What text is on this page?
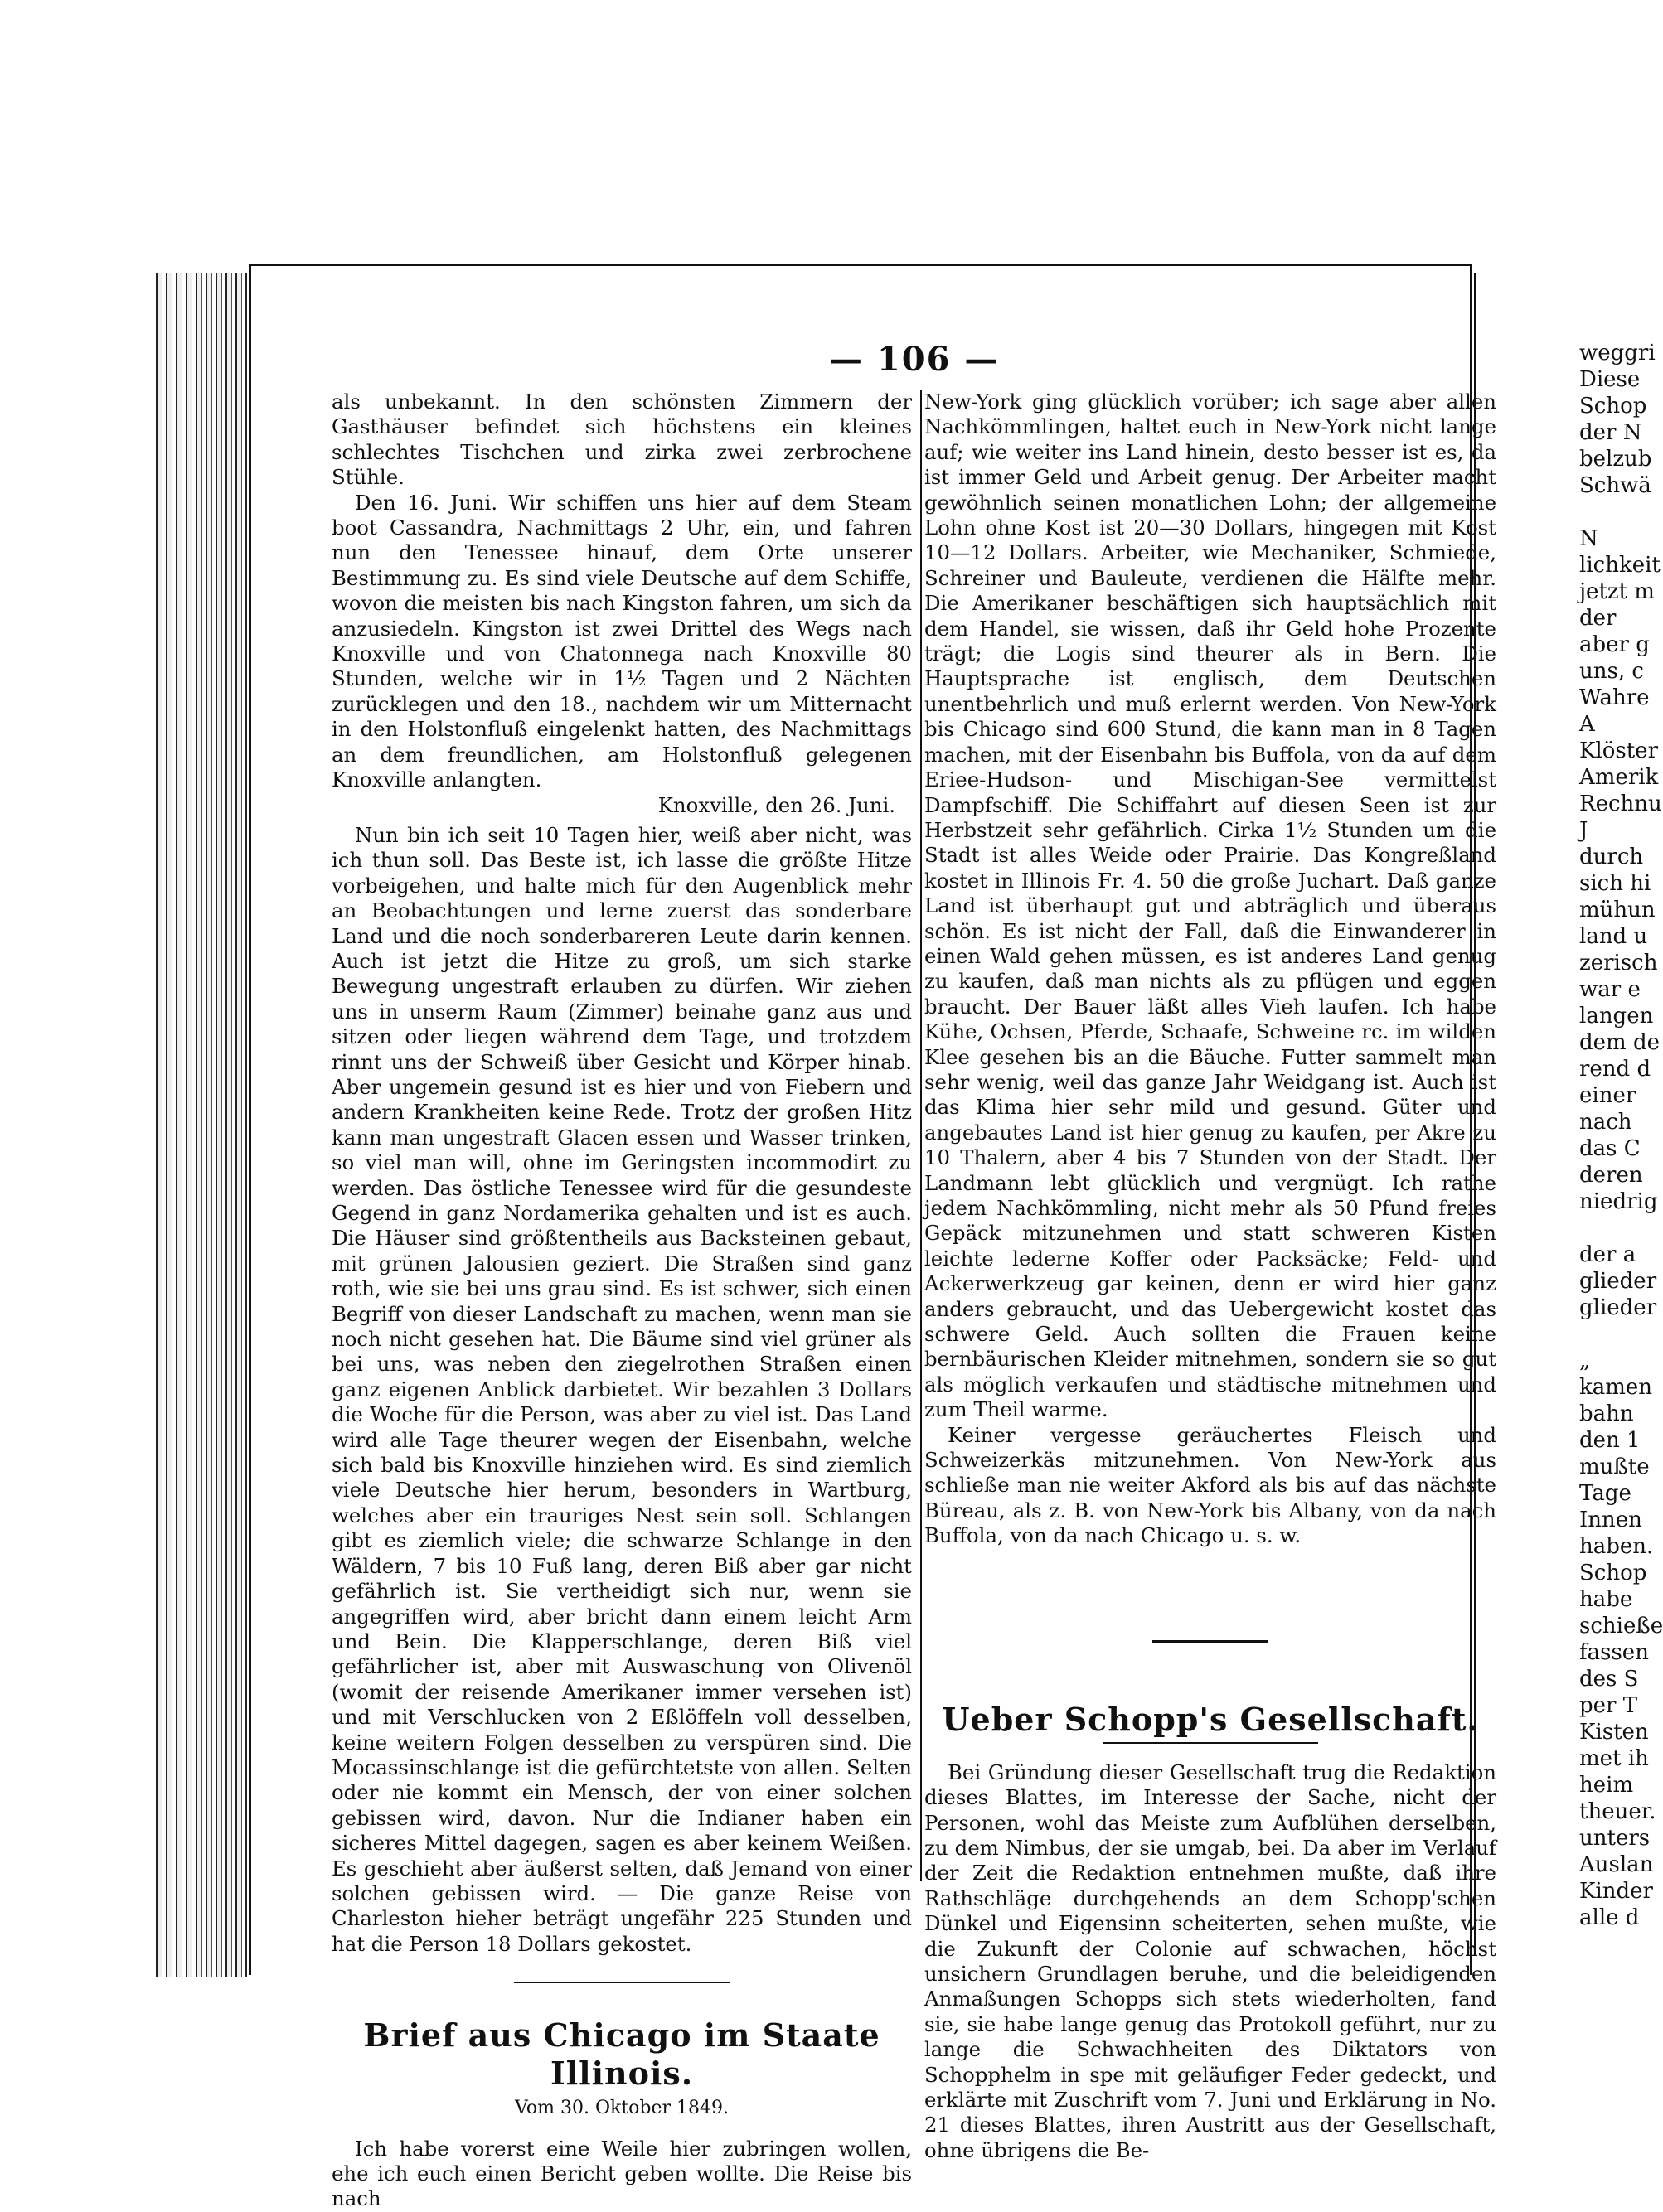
— 106 —

als unbekannt. In den schönsten Zimmern der Gasthäuser befindet sich höchstens ein kleines schlechtes Tischchen und zirka zwei zerbrochene Stühle.

Den 16. Juni. Wir schiffen uns hier auf dem Steam boot Cassandra, Nachmittags 2 Uhr, ein, und fahren nun den Tenessee hinauf, dem Orte unserer Bestimmung zu. Es sind viele Deutsche auf dem Schiffe, wovon die meisten bis nach Kingston fahren, um sich da anzusiedeln. Kingston ist zwei Drittel des Wegs nach Knoxville und von Chatonnega nach Knoxville 80 Stunden, welche wir in 1½ Tagen und 2 Nächten zurücklegen und den 18., nachdem wir um Mitternacht in den Holstonfluß eingelenkt hatten, des Nachmittags an dem freundlichen, am Holstonfluß gelegenen Knoxville anlangten.

Knoxville, den 26. Juni.

Nun bin ich seit 10 Tagen hier, weiß aber nicht, was ich thun soll. Das Beste ist, ich lasse die größte Hitze vorbeigehen, und halte mich für den Augenblick mehr an Beobachtungen und lerne zuerst das sonderbare Land und die noch sonderbareren Leute darin kennen. Auch ist jetzt die Hitze zu groß, um sich starke Bewegung ungestraft erlauben zu dürfen. Wir ziehen uns in unserm Raum (Zimmer) beinahe ganz aus und sitzen oder liegen während dem Tage, und trotzdem rinnt uns der Schweiß über Gesicht und Körper hinab. Aber ungemein gesund ist es hier und von Fiebern und andern Krankheiten keine Rede. Trotz der großen Hitz kann man ungestraft Glacen essen und Wasser trinken, so viel man will, ohne im Geringsten incommodirt zu werden. Das östliche Tenessee wird für die gesundeste Gegend in ganz Nordamerika gehalten und ist es auch. Die Häuser sind größtentheils aus Backsteinen gebaut, mit grünen Jalousien geziert. Die Straßen sind ganz roth, wie sie bei uns grau sind. Es ist schwer, sich einen Begriff von dieser Landschaft zu machen, wenn man sie noch nicht gesehen hat. Die Bäume sind viel grüner als bei uns, was neben den ziegelrothen Straßen einen ganz eigenen Anblick darbietet. Wir bezahlen 3 Dollars die Woche für die Person, was aber zu viel ist. Das Land wird alle Tage theurer wegen der Eisenbahn, welche sich bald bis Knoxville hinziehen wird. Es sind ziemlich viele Deutsche hier herum, besonders in Wartburg, welches aber ein trauriges Nest sein soll. Schlangen gibt es ziemlich viele; die schwarze Schlange in den Wäldern, 7 bis 10 Fuß lang, deren Biß aber gar nicht gefährlich ist. Sie vertheidigt sich nur, wenn sie angegriffen wird, aber bricht dann einem leicht Arm und Bein. Die Klapperschlange, deren Biß viel gefährlicher ist, aber mit Auswaschung von Olivenöl (womit der reisende Amerikaner immer versehen ist) und mit Verschlucken von 2 Eßlöffeln voll desselben, keine weitern Folgen desselben zu verspüren sind. Die Mocassinschlange ist die gefürchtetste von allen. Selten oder nie kommt ein Mensch, der von einer solchen gebissen wird, davon. Nur die Indianer haben ein sicheres Mittel dagegen, sagen es aber keinem Weißen. Es geschieht aber äußerst selten, daß Jemand von einer solchen gebissen wird. — Die ganze Reise von Charleston hieher beträgt ungefähr 225 Stunden und hat die Person 18 Dollars gekostet.

Brief aus Chicago im Staate Illinois.
Vom 30. Oktober 1849.

Ich habe vorerst eine Weile hier zubringen wollen, ehe ich euch einen Bericht geben wollte. Die Reise bis nach

New-York ging glücklich vorüber; ich sage aber allen Nachkömmlingen, haltet euch in New-York nicht lange auf; wie weiter ins Land hinein, desto besser ist es, da ist immer Geld und Arbeit genug. Der Arbeiter macht gewöhnlich seinen monatlichen Lohn; der allgemeine Lohn ohne Kost ist 20—30 Dollars, hingegen mit Kost 10—12 Dollars. Arbeiter, wie Mechaniker, Schmiede, Schreiner und Bauleute, verdienen die Hälfte mehr. Die Amerikaner beschäftigen sich hauptsächlich mit dem Handel, sie wissen, daß ihr Geld hohe Prozente trägt; die Logis sind theurer als in Bern. Die Hauptsprache ist englisch, dem Deutschen unentbehrlich und muß erlernt werden. Von New-York bis Chicago sind 600 Stund, die kann man in 8 Tagen machen, mit der Eisenbahn bis Buffola, von da auf dem Eriee-Hudson- und Mischigan-See vermittelst Dampfschiff. Die Schiffahrt auf diesen Seen ist zur Herbstzeit sehr gefährlich. Cirka 1½ Stunden um die Stadt ist alles Weide oder Prairie. Das Kongreßland kostet in Illinois Fr. 4. 50 die große Juchart. Daß ganze Land ist überhaupt gut und abträglich und überaus schön. Es ist nicht der Fall, daß die Einwanderer in einen Wald gehen müssen, es ist anderes Land genug zu kaufen, daß man nichts als zu pflügen und eggen braucht. Der Bauer läßt alles Vieh laufen. Ich habe Kühe, Ochsen, Pferde, Schaafe, Schweine rc. im wilden Klee gesehen bis an die Bäuche. Futter sammelt man sehr wenig, weil das ganze Jahr Weidgang ist. Auch ist das Klima hier sehr mild und gesund. Güter und angebautes Land ist hier genug zu kaufen, per Akre zu 10 Thalern, aber 4 bis 7 Stunden von der Stadt. Der Landmann lebt glücklich und vergnügt. Ich rathe jedem Nachkömmling, nicht mehr als 50 Pfund freies Gepäck mitzunehmen und statt schweren Kisten leichte lederne Koffer oder Packsäcke; Feld- und Ackerwerkzeug gar keinen, denn er wird hier ganz anders gebraucht, und das Uebergewicht kostet das schwere Geld. Auch sollten die Frauen keine bernbäurischen Kleider mitnehmen, sondern sie so gut als möglich verkaufen und städtische mitnehmen und zum Theil warme.

Keiner vergesse geräuchertes Fleisch und Schweizerkäs mitzunehmen. Von New-York aus schließe man nie weiter Akford als bis auf das nächste Büreau, als z. B. von New-York bis Albany, von da nach Buffola, von da nach Chicago u. s. w.

Ueber Schopp's Gesellschaft.

Bei Gründung dieser Gesellschaft trug die Redaktion dieses Blattes, im Interesse der Sache, nicht der Personen, wohl das Meiste zum Aufblühen derselben, zu dem Nimbus, der sie umgab, bei. Da aber im Verlauf der Zeit die Redaktion entnehmen mußte, daß ihre Rathschläge durchgehends an dem Schopp'schen Dünkel und Eigensinn scheiterten, sehen mußte, wie die Zukunft der Colonie auf schwachen, höchst unsichern Grundlagen beruhe, und die beleidigenden Anmaßungen Schopps sich stets wiederholten, fand sie, sie habe lange genug das Protokoll geführt, nur zu lange die Schwachheiten des Diktators von Schopphelm in spe mit geläufiger Feder gedeckt, und erklärte mit Zuschrift vom 7. Juni und Erklärung in No. 21 dieses Blattes, ihren Austritt aus der Gesellschaft, ohne übrigens die Be-

weggri
Diese
Schop
der N
belzub
Schwä

N
lichkeit
jetzt m
der
aber g
uns, c
Wahre
A
Klöster
Amerik
Rechnu
J
durch
sich hi
mühun
land u
zerisch
war e
langen
dem de
rend d
einer
nach
das C
deren
niedrig

der a
glieder
glieder

„
kamen
bahn
den 1
mußte
Tage
Innen
haben.
Schop
habe
schieße
fassen
des S
per T
Kisten
met ih
heim
theuer.
unters
Auslan
Kinder
alle d
